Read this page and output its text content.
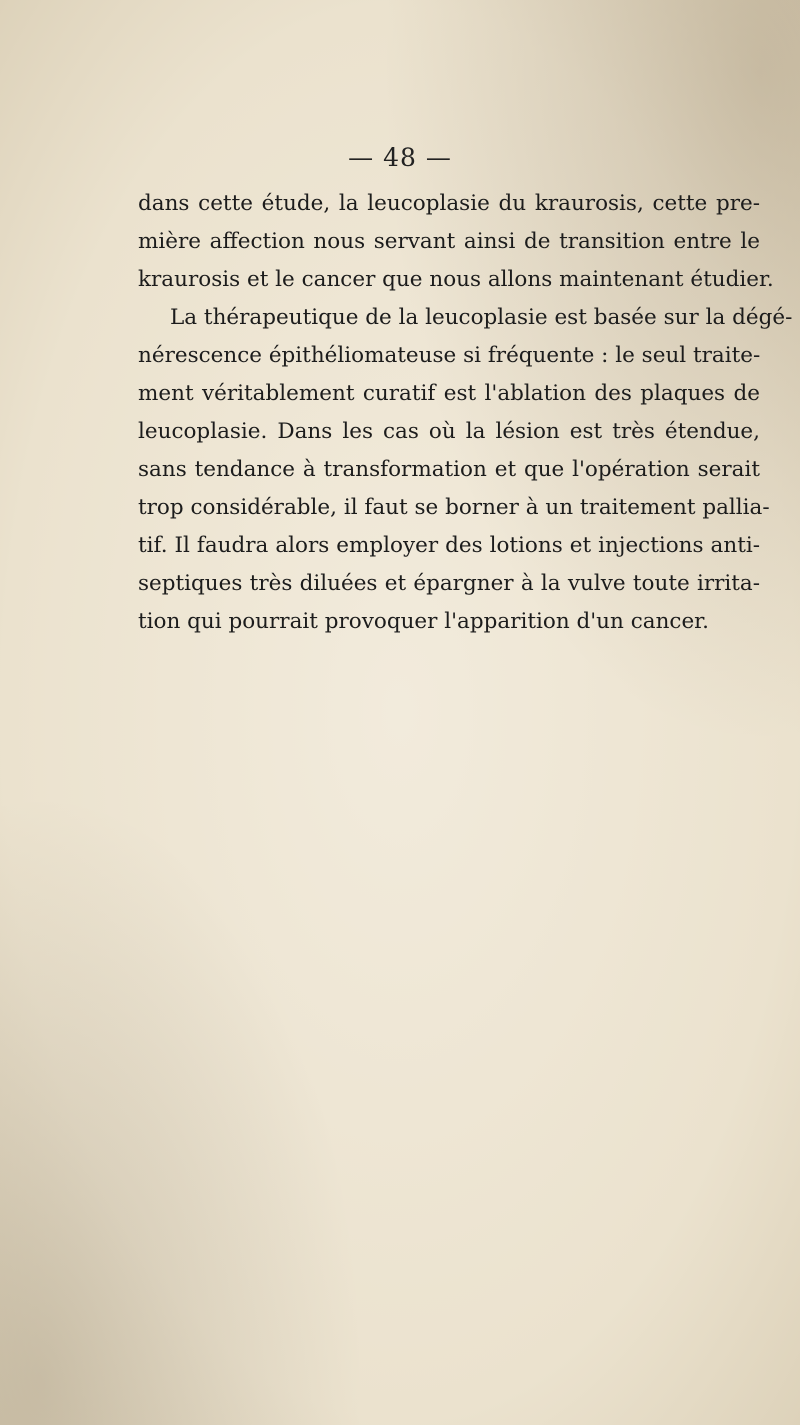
— 48 —
dans cette étude, la leucoplasie du kraurosis, cette pre-
mière affection nous servant ainsi de transition entre le
kraurosis et le cancer que nous allons maintenant étudier.
La thérapeutique de la leucoplasie est basée sur la dégé-
nérescence épithéliomateuse si fréquente : le seul traite-
ment véritablement curatif est l'ablation des plaques de
leucoplasie. Dans les cas où la lésion est très étendue,
sans tendance à transformation et que l'opération serait
trop considérable, il faut se borner à un traitement pallia-
tif. Il faudra alors employer des lotions et injections anti-
septiques très diluées et épargner à la vulve toute irrita-
tion qui pourrait provoquer l'apparition d'un cancer.
